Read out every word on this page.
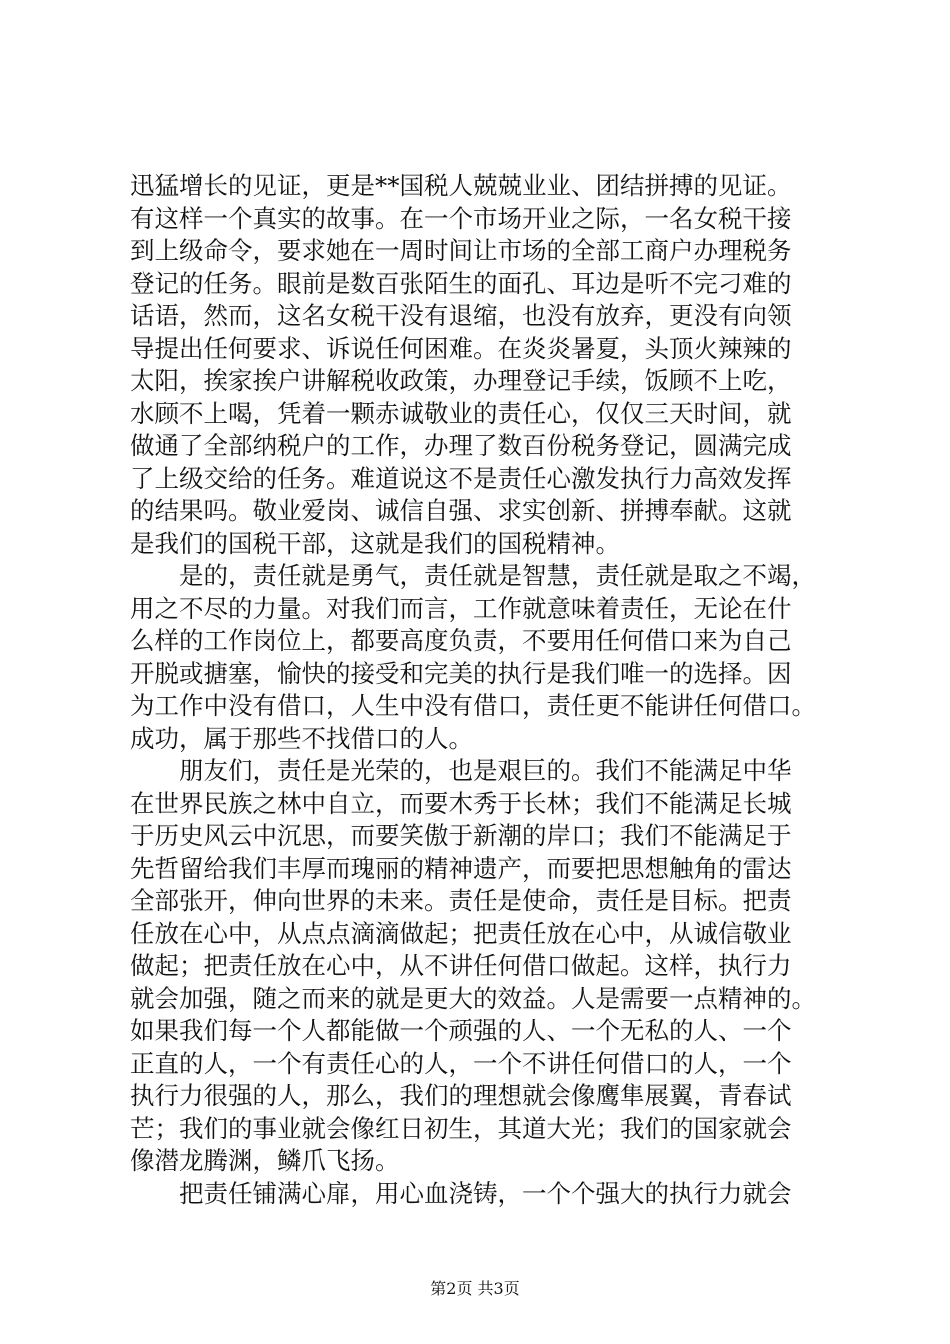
迅猛增长的见证，更是**国税人兢兢业业、团结拼搏的见证。
有这样一个真实的故事。在一个市场开业之际，一名女税干接
到上级命令，要求她在一周时间让市场的全部工商户办理税务
登记的任务。眼前是数百张陌生的面孔、耳边是听不完刁难的
话语，然而，这名女税干没有退缩，也没有放弃，更没有向领
导提出任何要求、诉说任何困难。在炎炎暑夏，头顶火辣辣的
太阳，挨家挨户讲解税收政策，办理登记手续，饭顾不上吃，
水顾不上喝，凭着一颗赤诚敬业的责任心，仅仅三天时间，就
做通了全部纳税户的工作，办理了数百份税务登记，圆满完成
了上级交给的任务。难道说这不是责任心激发执行力高效发挥
的结果吗。敬业爱岗、诚信自强、求实创新、拼搏奉献。这就
是我们的国税干部，这就是我们的国税精神。
是的，责任就是勇气，责任就是智慧，责任就是取之不竭，
用之不尽的力量。对我们而言，工作就意味着责任，无论在什
么样的工作岗位上，都要高度负责，不要用任何借口来为自己
开脱或搪塞，愉快的接受和完美的执行是我们唯一的选择。因
为工作中没有借口，人生中没有借口，责任更不能讲任何借口。
成功，属于那些不找借口的人。
朋友们，责任是光荣的，也是艰巨的。我们不能满足中华
在世界民族之林中自立，而要木秀于长林；我们不能满足长城
于历史风云中沉思，而要笑傲于新潮的岸口；我们不能满足于
先哲留给我们丰厚而瑰丽的精神遗产，而要把思想触角的雷达
全部张开，伸向世界的未来。责任是使命，责任是目标。把责
任放在心中，从点点滴滴做起；把责任放在心中，从诚信敬业
做起；把责任放在心中，从不讲任何借口做起。这样，执行力
就会加强，随之而来的就是更大的效益。人是需要一点精神的。
如果我们每一个人都能做一个顽强的人、一个无私的人、一个
正直的人，一个有责任心的人，一个不讲任何借口的人，一个
执行力很强的人，那么，我们的理想就会像鹰隼展翼，青春试
芒；我们的事业就会像红日初生，其道大光；我们的国家就会
像潜龙腾渊，鳞爪飞扬。
把责任铺满心扉，用心血浇铸，一个个强大的执行力就会
第2页 共3页
